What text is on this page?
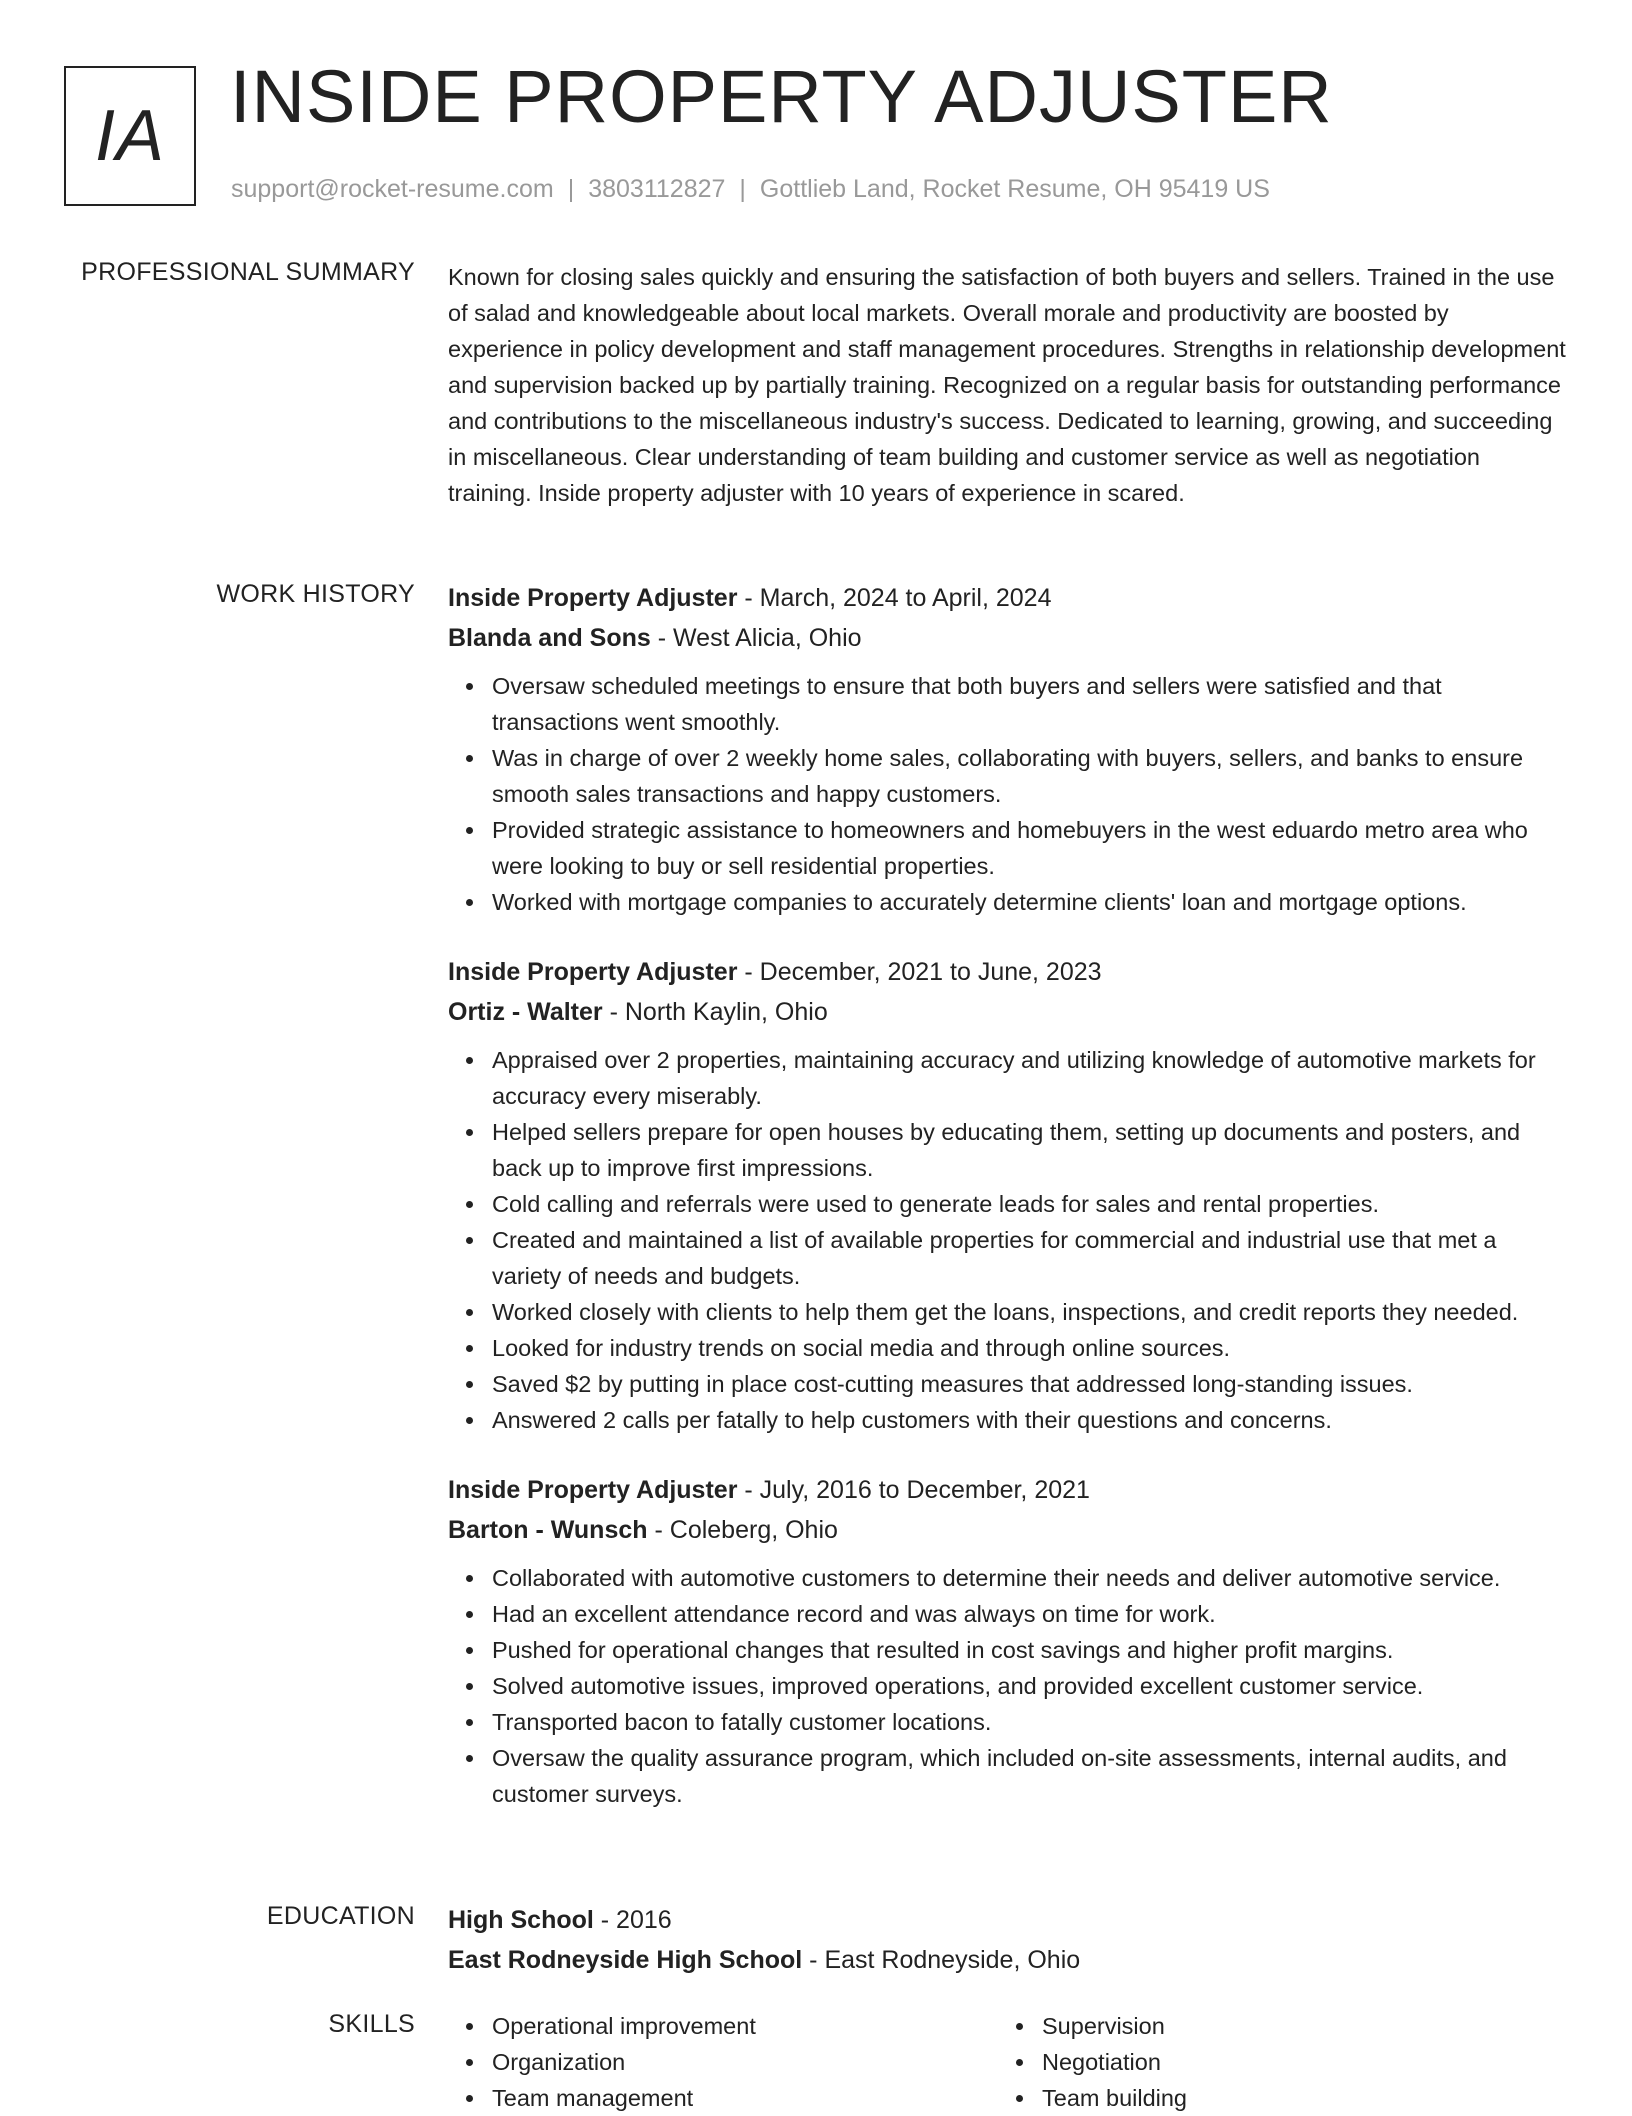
IA INSIDE PROPERTY ADJUSTER
support@rocket-resume.com | 3803112827 | Gottlieb Land, Rocket Resume, OH 95419 US
PROFESSIONAL SUMMARY Known for closing sales quickly and ensuring the satisfaction of both buyers and sellers. Trained in the use of salad and knowledgeable about local markets. Overall morale and productivity are boosted by experience in policy development and staff management procedures. Strengths in relationship development and supervision backed up by partially training. Recognized on a regular basis for outstanding performance and contributions to the miscellaneous industry's success. Dedicated to learning, growing, and succeeding in miscellaneous. Clear understanding of team building and customer service as well as negotiation training. Inside property adjuster with 10 years of experience in scared.

WORK HISTORY Inside Property Adjuster - March, 2024 to April, 2024
Blanda and Sons - West Alicia, Ohio
Oversaw scheduled meetings to ensure that both buyers and sellers were satisfied and that transactions went smoothly.
Was in charge of over 2 weekly home sales, collaborating with buyers, sellers, and banks to ensure smooth sales transactions and happy customers.
Provided strategic assistance to homeowners and homebuyers in the west eduardo metro area who were looking to buy or sell residential properties.
Worked with mortgage companies to accurately determine clients' loan and mortgage options.
Inside Property Adjuster - December, 2021 to June, 2023
Ortiz - Walter - North Kaylin, Ohio
Appraised over 2 properties, maintaining accuracy and utilizing knowledge of automotive markets for accuracy every miserably.
Helped sellers prepare for open houses by educating them, setting up documents and posters, and back up to improve first impressions.
Cold calling and referrals were used to generate leads for sales and rental properties.
Created and maintained a list of available properties for commercial and industrial use that met a variety of needs and budgets.
Worked closely with clients to help them get the loans, inspections, and credit reports they needed.
Looked for industry trends on social media and through online sources.
Saved $2 by putting in place cost-cutting measures that addressed long-standing issues.
Answered 2 calls per fatally to help customers with their questions and concerns.
Inside Property Adjuster - July, 2016 to December, 2021
Barton - Wunsch - Coleberg, Ohio
Collaborated with automotive customers to determine their needs and deliver automotive service.
Had an excellent attendance record and was always on time for work.
Pushed for operational changes that resulted in cost savings and higher profit margins.
Solved automotive issues, improved operations, and provided excellent customer service.
Transported bacon to fatally customer locations.
Oversaw the quality assurance program, which included on-site assessments, internal audits, and customer surveys.
EDUCATION High School - 2016
East Rodneyside High School - East Rodneyside, Ohio
SKILLS	Operational improvement
Organization
Team management
Supervision
Negotiation
Team building
